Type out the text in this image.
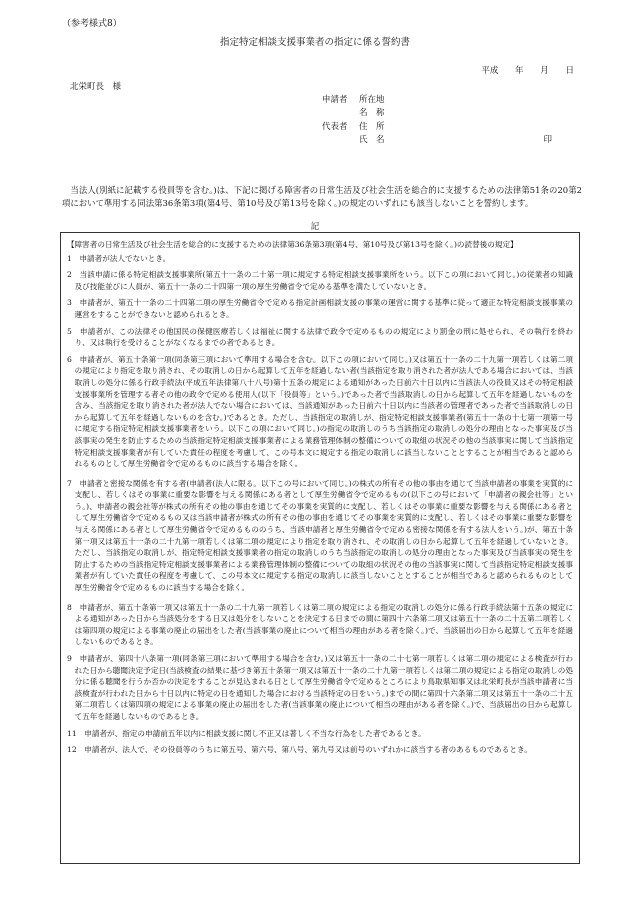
（参考様式8）
指定特定相談支援事業者の指定に係る誓約書
平成 年 月 日
北栄町長　様
申請者	所在地
名　称
代表者	住　所
氏　名	印
当法人(別紙に記載する役員等を含む。)は、下記に掲げる障害者の日常生活及び社会生活を総合的に支援するための法律第51条の20第2項において準用する同法第36条第3項(第4号、第10号及び第13号を除く。)の規定のいずれにも該当しないことを誓約します。
記
【障害者の日常生活及び社会生活を総合的に支援するための法律第36条第3項(第4号、第10号及び第13号を除く。)の読替後の規定】
1　 申請者が法人でないとき。
2　 当該申請に係る特定相談支援事業所(第五十一条の二十第一項に規定する特定相談支援事業所をいう。以下この項において同じ。)の従業者の知識及び技能並びに人員が、第五十一条の二十四第一項の厚生労働省令で定める基準を満たしていないとき。
3　 申請者が、第五十一条の二十四第二項の厚生労働省令で定める指定計画相談支援の事業の運営に関する基準に従って適正な特定相談支援事業の運営をすることができないと認められるとき。
5　 申請者が、この法律その他国民の保健医療若しくは福祉に関する法律で政令で定めるものの規定により罰金の刑に処せられ、その執行を終わり、又は執行を受けることがなくなるまでの者であるとき。
6　 申請者が、第五十条第一項(同条第三項において準用する場合を含む。以下この項において同じ。)又は第五十一条の二十九第一項若しくは第二項の規定により指定を取り消され、その取消しの日から起算して五年を経過しない者(当該指定を取り消された者が法人である場合においては、当該取消しの処分に係る行政手続法(平成五年法律第八十八号)第十五条の規定による通知があった日前六十日以内に当該法人の役員又はその特定相談支援事業所を管理する者その他の政令で定める使用人(以下「役員等」という。)であった者で当該取消しの日から起算して五年を経過しないものを含み、当該指定を取り消された者が法人でない場合においては、当該通知があった日前六十日以内に当該者の管理者であった者で当該取消しの日から起算して五年を経過しないものを含む。)であるとき。ただし、当該指定の取消しが、指定特定相談支援事業者(第五十一条の十七第一項第一号に規定する指定特定相談支援事業者をいう。以下この項において同じ。)の指定の取消しのうち当該指定の取消しの処分の理由となった事実及び当該事実の発生を防止するための当該指定特定相談支援事業者による業務管理体制の整備についての取組の状況その他の当該事実に関して当該指定特定相談支援事業者が有していた責任の程度を考慮して、この号本文に規定する指定の取消しに該当しないこととすることが相当であると認められるものとして厚生労働省令で定めるものに該当する場合を除く。
7　 申請者と密接な関係を有する者(申請者(法人に限る。以下この号において同じ。)の株式の所有その他の事由を通じて当該申請者の事業を実質的に支配し、若しくはその事業に重要な影響を与える関係にある者として厚生労働省令で定めるもの(以下この号において「申請者の親会社等」という。)、申請者の親会社等が株式の所有その他の事由を通じてその事業を実質的に支配し、若しくはその事業に重要な影響を与える関係にある者として厚生労働省令で定めるもの又は当該申請者が株式の所有その他の事由を通じてその事業を実質的に支配し、若しくはその事業に重要な影響を与える関係にある者として厚生労働省令で定めるもののうち、当該申請者と厚生労働省令で定める密接な関係を有する法人をいう。)が、第五十条第一項又は第五十一条の二十九第一項若しくは第二項の規定により指定を取り消され、その取消しの日から起算して五年を経過していないとき。ただし、当該指定の取消しが、指定特定相談支援事業者の指定の取消しのうち当該指定の取消しの処分の理由となった事実及び当該事実の発生を防止するための当該指定特定相談支援事業者による業務管理体制の整備についての取組の状況その他の当該事実に関して当該指定特定相談支援事業者が有していた責任の程度を考慮して、この号本文に規定する指定の取消しに該当しないこととすることが相当であると認められるものとして厚生労働省令で定めるものに該当する場合を除く。
8　 申請者が、第五十条第一項又は第五十一条の二十九第一項若しくは第二項の規定による指定の取消しの処分に係る行政手続法第十五条の規定による通知があった日から当該処分をする日又は処分をしないことを決定する日までの間に第四十六条第二項又は第五十一条の二十五第二項若しくは第四項の規定による事業の廃止の届出をした者(当該事業の廃止について相当の理由がある者を除く。)で、当該届出の日から起算して五年を経過しないものであるとき。
9　 申請者が、第四十八条第一項(同条第三項において準用する場合を含む。)又は第五十一条の二十七第一項若しくは第二項の規定による検査が行われた日から聴聞決定予定日(当該検査の結果に基づき第五十条第一項又は第五十一条の二十九第一項若しくは第二項の規定による指定の取消しの処分に係る聴聞を行うか否かの決定をすることが見込まれる日として厚生労働省令で定めるところにより鳥取県知事又は北栄町長が当該申請者に当該検査が行われた日から十日以内に特定の日を通知した場合における当該特定の日をいう。)までの間に第四十六条第二項又は第五十一条の二十五第二項若しくは第四項の規定による事業の廃止の届出をした者(当該事業の廃止について相当の理由がある者を除く。)で、当該届出の日から起算して五年を経過しないものであるとき。
11　 申請者が、指定の申請前五年以内に相談支援に関し不正又は著しく不当な行為をした者であるとき。
12　 申請者が、法人で、その役員等のうちに第五号、第六号、第八号、第九号又は前号のいずれかに該当する者のあるものであるとき。
